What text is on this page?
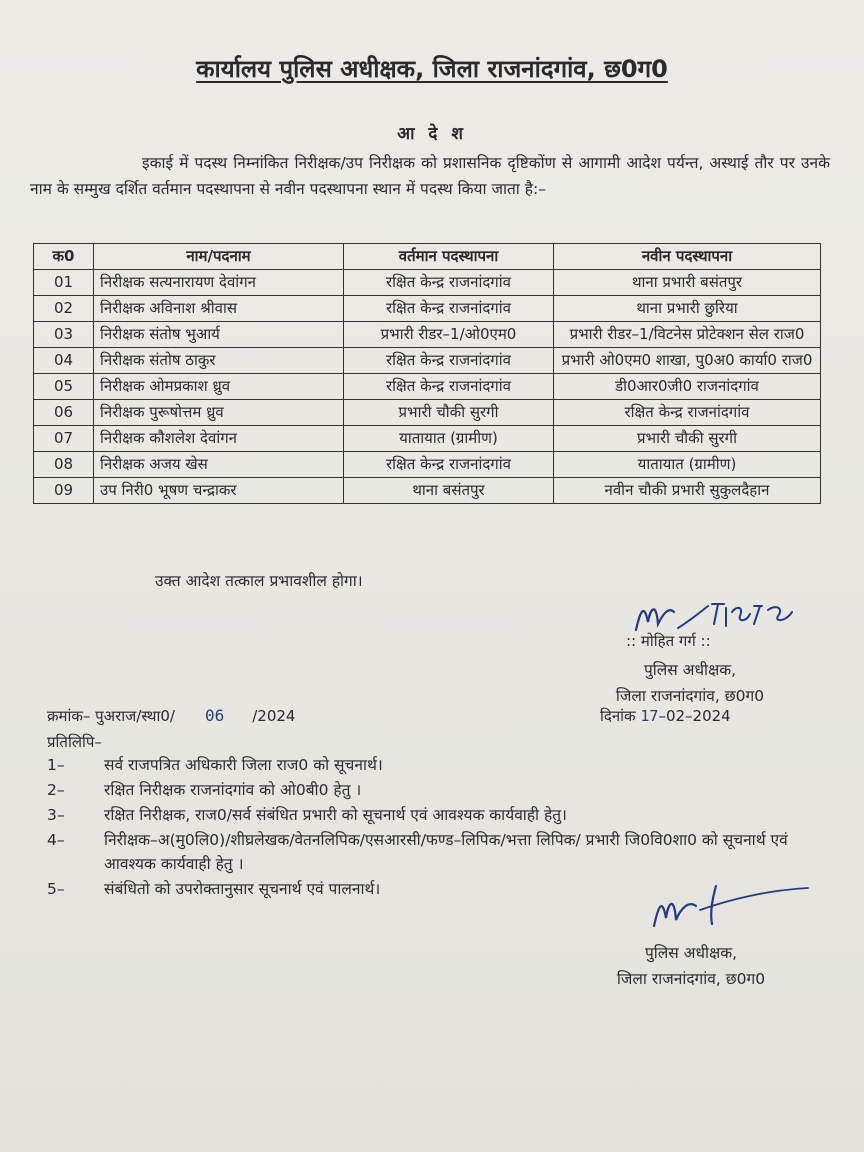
कार्यालय पुलिस अधीक्षक, जिला राजनांदगांव, छ0ग0
आ दे श
इकाई में पदस्थ निम्नांकित निरीक्षक/उप निरीक्षक को प्रशासनिक दृष्टिकोंण से आगामी आदेश पर्यन्त, अस्थाई तौर पर उनके नाम के सम्मुख दर्शित वर्तमान पदस्थापना से नवीन पदस्थापना स्थान में पदस्थ किया जाता है:–
क0	नाम/पदनाम	वर्तमान पदस्थापना	नवीन पदस्थापना
01	निरीक्षक सत्यनारायण देवांगन	रक्षित केन्द्र राजनांदगांव	थाना प्रभारी बसंतपुर
02	निरीक्षक अविनाश श्रीवास	रक्षित केन्द्र राजनांदगांव	थाना प्रभारी छुरिया
03	निरीक्षक संतोष भुआर्य	प्रभारी रीडर–1/ओ0एम0	प्रभारी रीडर–1/विटनेस प्रोटेक्शन सेल राज0
04	निरीक्षक संतोष ठाकुर	रक्षित केन्द्र राजनांदगांव	प्रभारी ओ0एम0 शाखा, पु0अ0 कार्या0 राज0
05	निरीक्षक ओमप्रकाश ध्रुव	रक्षित केन्द्र राजनांदगांव	डी0आर0जी0 राजनांदगांव
06	निरीक्षक पुरूषोत्तम ध्रुव	प्रभारी चौकी सुरगी	रक्षित केन्द्र राजनांदगांव
07	निरीक्षक कौशलेश देवांगन	यातायात (ग्रामीण)	प्रभारी चौकी सुरगी
08	निरीक्षक अजय खेस	रक्षित केन्द्र राजनांदगांव	यातायात (ग्रामीण)
09	उप निरी0 भूषण चन्द्राकर	थाना बसंतपुर	नवीन चौकी प्रभारी सुकुलदैहान
उक्त आदेश तत्काल प्रभावशील होगा।
:: मोहित गर्ग ::
पुलिस अधीक्षक,
जिला राजनांदगांव, छ0ग0
क्रमांक– पुअराज/स्था0/ 06 /2024	दिनांक 17–02–2024
प्रतिलिपि–
1–	सर्व राजपत्रित अधिकारी जिला राज0 को सूचनार्थ।
2–	रक्षित निरीक्षक राजनांदगांव को ओ0बी0 हेतु ।
3–	रक्षित निरीक्षक, राज0/सर्व संबंधित प्रभारी को सूचनार्थ एवं आवश्यक कार्यवाही हेतु।
4–	निरीक्षक–अ(मु0लि0)/शीघ्रलेखक/वेतनलिपिक/एसआरसी/फण्ड–लिपिक/भत्ता लिपिक/ प्रभारी जि0वि0शा0 को सूचनार्थ एवं आवश्यक कार्यवाही हेतु ।
5–	संबंधितो को उपरोक्तानुसार सूचनार्थ एवं पालनार्थ।
पुलिस अधीक्षक,
जिला राजनांदगांव, छ0ग0
